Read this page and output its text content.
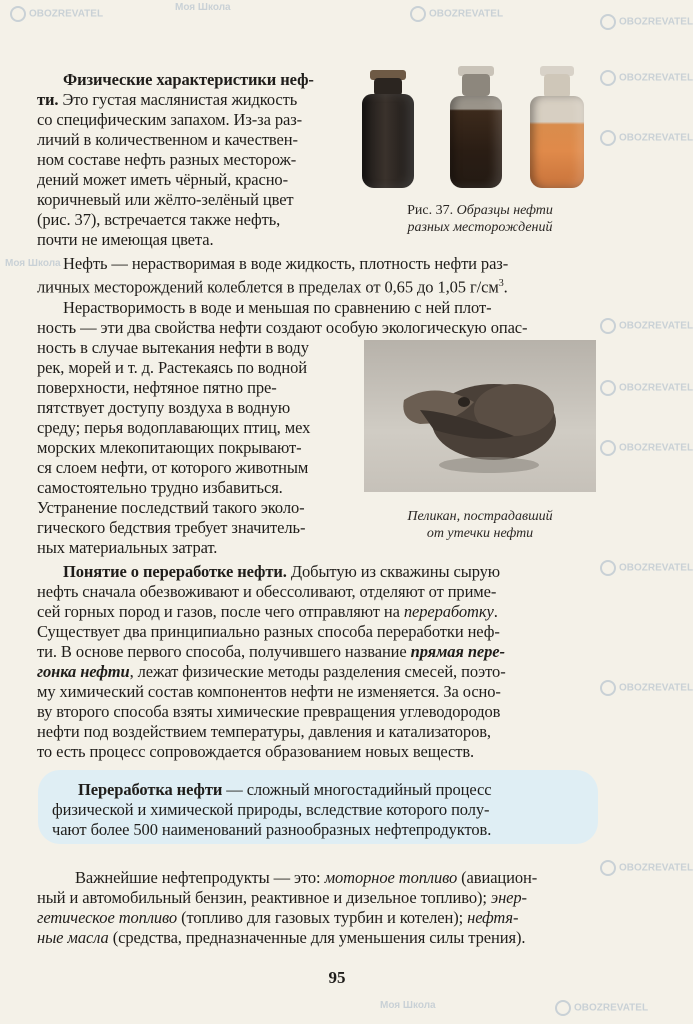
OBOZREVATEL
Моя Школа
OBOZREVATEL
OBOZREVATEL
OBOZREVATEL
OBOZREVATEL
Моя Школа
OBOZREVATEL
OBOZREVATEL
OBOZREVATEL
OBOZREVATEL
OBOZREVATEL
OBOZREVATEL
Моя Школа	OBOZREVATEL
Физические характеристики неф-
ти. Это густая маслянистая жидкость
со специфическим запахом. Из-за раз-
личий в количественном и качествен-
ном составе нефть разных месторож-
дений может иметь чёрный, красно-
коричневый или жёлто-зелёный цвет
(рис. 37), встречается также нефть,
почти не имеющая цвета.
Рис. 37. Образцы нефти
разных месторождений
Нефть — нерастворимая в воде жидкость, плотность нефти раз-
личных месторождений колеблется в пределах от 0,65 до 1,05 $г/см^3$.
Нерастворимость в воде и меньшая по сравнению с ней плот-
ность — эти два свойства нефти создают особую экологическую опас-
ность в случае вытекания нефти в воду
рек, морей и т. д. Растекаясь по водной
поверхности, нефтяное пятно пре-
пятствует доступу воздуха в водную
среду; перья водоплавающих птиц, мех
морских млекопитающих покрывают-
ся слоем нефти, от которого животным
самостоятельно трудно избавиться.
Устранение последствий такого эколо-
гического бедствия требует значитель-
ных материальных затрат.
Пеликан, пострадавший
от утечки нефти
Понятие о переработке нефти. Добытую из скважины сырую
нефть сначала обезвоживают и обессоливают, отделяют от приме-
сей горных пород и газов, после чего отправляют на переработку.
Существует два принципиально разных способа переработки неф-
ти. В основе первого способа, получившего название прямая пере-
гонка нефти, лежат физические методы разделения смесей, поэто-
му химический состав компонентов нефти не изменяется. За осно-
ву второго способа взяты химические превращения углеводородов
нефти под воздействием температуры, давления и катализаторов,
то есть процесс сопровождается образованием новых веществ.
Переработка нефти — сложный многостадийный процесс
физической и химической природы, вследствие которого полу-
чают более 500 наименований разнообразных нефтепродуктов.
Важнейшие нефтепродукты — это: моторное топливо (авиацион-
ный и автомобильный бензин, реактивное и дизельное топливо); энер-
гетическое топливо (топливо для газовых турбин и котелен); нефтя-
ные масла (средства, предназначенные для уменьшения силы трения).
95
